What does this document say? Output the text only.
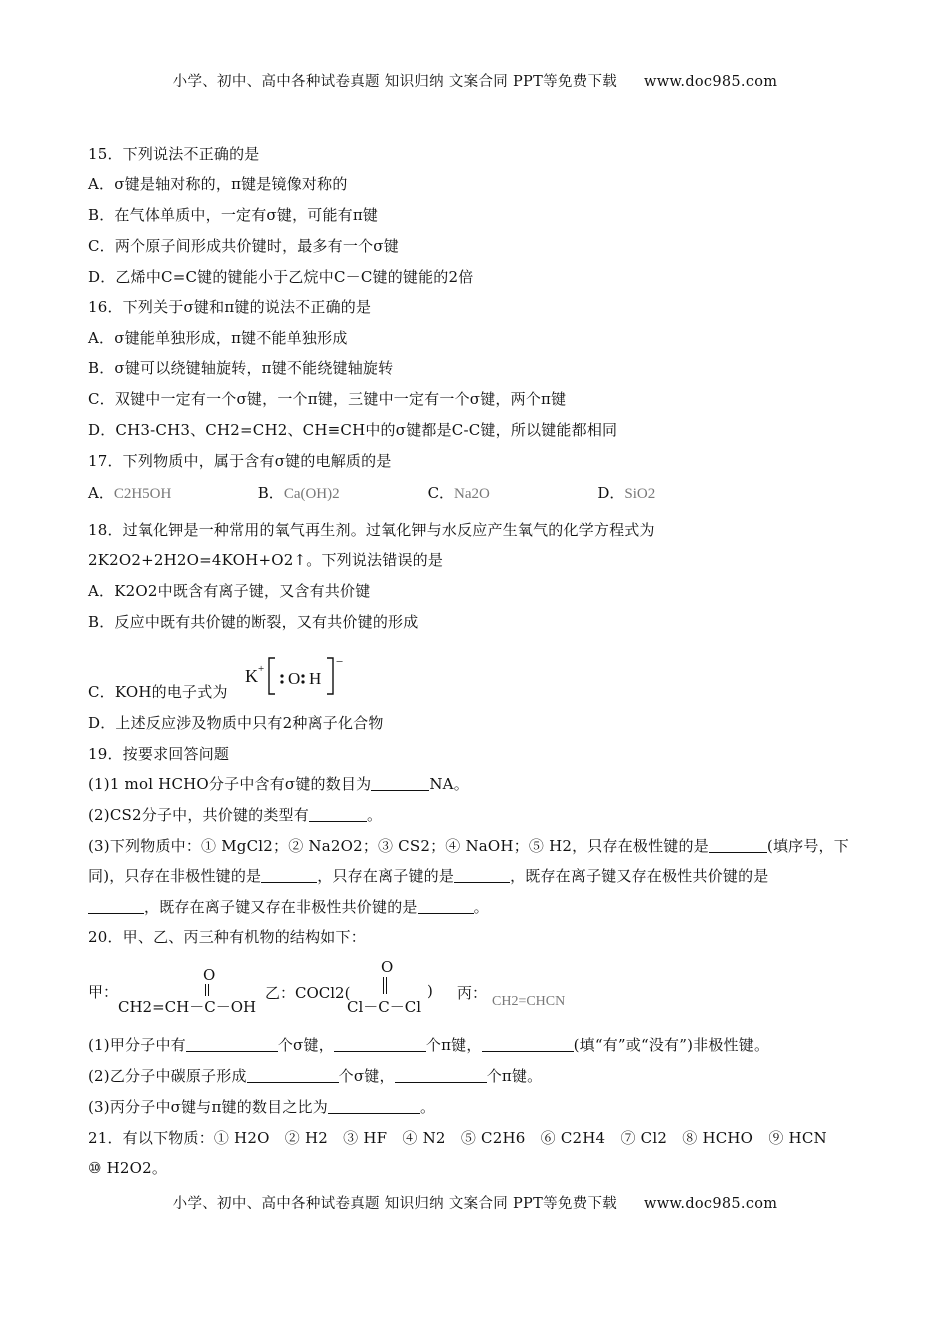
小学、初中、高中各种试卷真题 知识归纳 文案合同 PPT等免费下载 www.doc985.com
15．下列说法不正确的是
A．σ键是轴对称的，π键是镜像对称的
B．在气体单质中，一定有σ键，可能有π键
C．两个原子间形成共价键时，最多有一个σ键
D．乙烯中C=C键的键能小于乙烷中C－C键的键能的2倍
16．下列关于σ键和π键的说法不正确的是
A．σ键能单独形成，π键不能单独形成
B．σ键可以绕键轴旋转，π键不能绕键轴旋转
C．双键中一定有一个σ键，一个π键，三键中一定有一个σ键，两个π键
D．CH3-CH3、CH2=CH2、CH≡CH中的σ键都是C-C键，所以键能都相同
17．下列物质中，属于含有σ键的电解质的是
A．C2H5OH	B．Ca(OH)2	C．Na2O	D．SiO2
18．过氧化钾是一种常用的氧气再生剂。过氧化钾与水反应产生氧气的化学方程式为
2K2O2+2H2O=4KOH+O2↑。下列说法错误的是
A．K2O2中既含有离子键，又含有共价键
B．反应中既有共价键的断裂，又有共价键的形成
C．KOH的电子式为
K + O H
−
D．上述反应涉及物质中只有2种离子化合物
19．按要求回答问题
(1)1 mol HCHO分子中含有σ键的数目为	NA。
(2)CS2分子中，共价键的类型有	。
(3)下列物质中：① MgCl2；② Na2O2；③ CS2；④ NaOH；⑤ H2，只存在极性键的是	(填序号，下
同)，只存在非极性键的是	，只存在离子键的是	，既存在离子键又存在极性共价键的是
，既存在离子键又存在非极性共价键的是	。
20．甲、乙、丙三种有机物的结构如下：
甲：
O
CH2=CH－C－OH
乙：COCl2(
O
Cl－C－Cl
) 丙： CH2=CHCN
(1)甲分子中有	个σ键，	个π键，	(填“有”或“没有”)非极性键。
(2)乙分子中碳原子形成	个σ键，	个π键。
(3)丙分子中σ键与π键的数目之比为	。
21．有以下物质：① H2O　② H2　③ HF　④ N2　⑤ C2H6　⑥ C2H4　⑦ Cl2　⑧ HCHO　⑨ HCN
⑩ H2O2。
小学、初中、高中各种试卷真题 知识归纳 文案合同 PPT等免费下载 www.doc985.com
